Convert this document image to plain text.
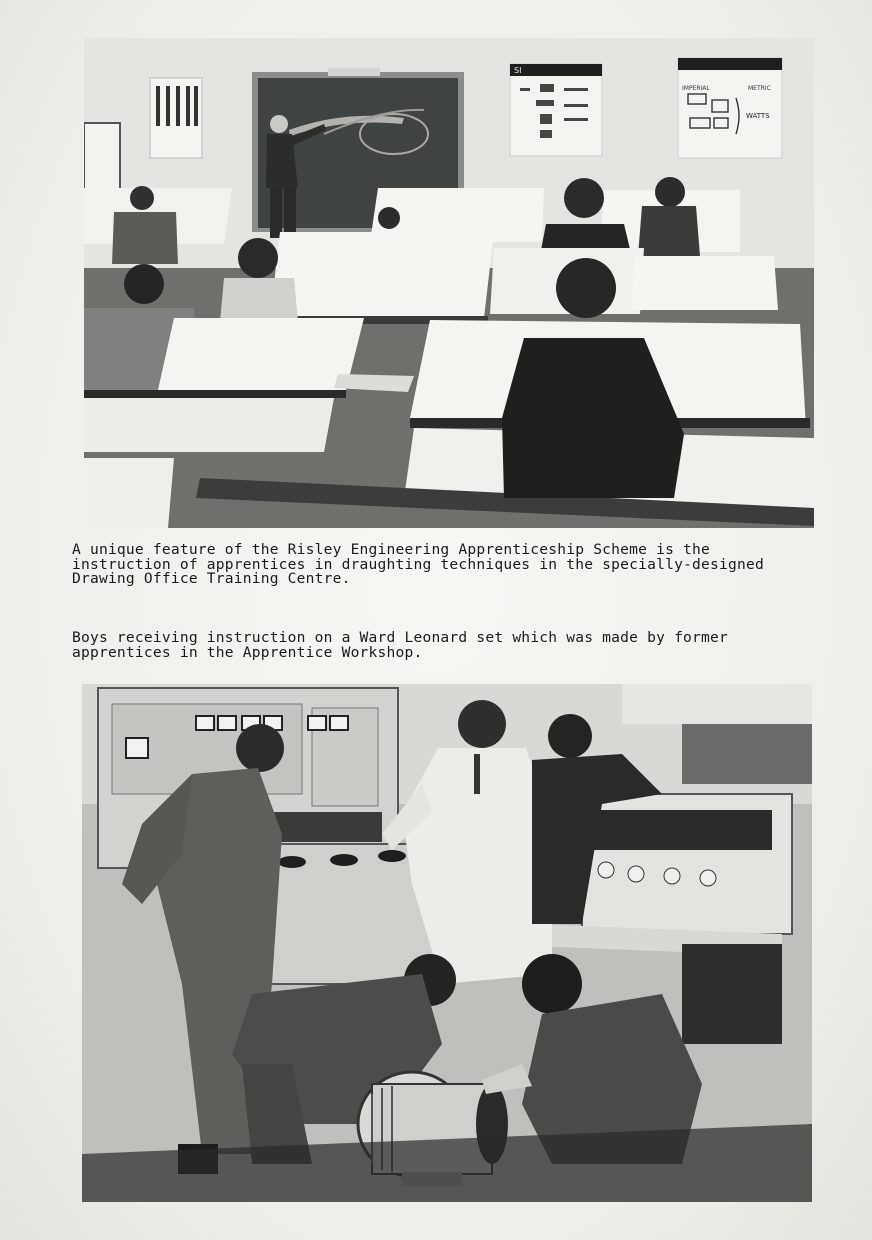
SI
IMPERIAL	METRIC
WATTS

A unique feature of the Risley Engineering Apprenticeship Scheme is the
instruction of apprentices in draughting techniques in the specially-designed
Drawing Office Training Centre.

Boys receiving instruction on a Ward Leonard set which was made by former
apprentices in the Apprentice Workshop.
